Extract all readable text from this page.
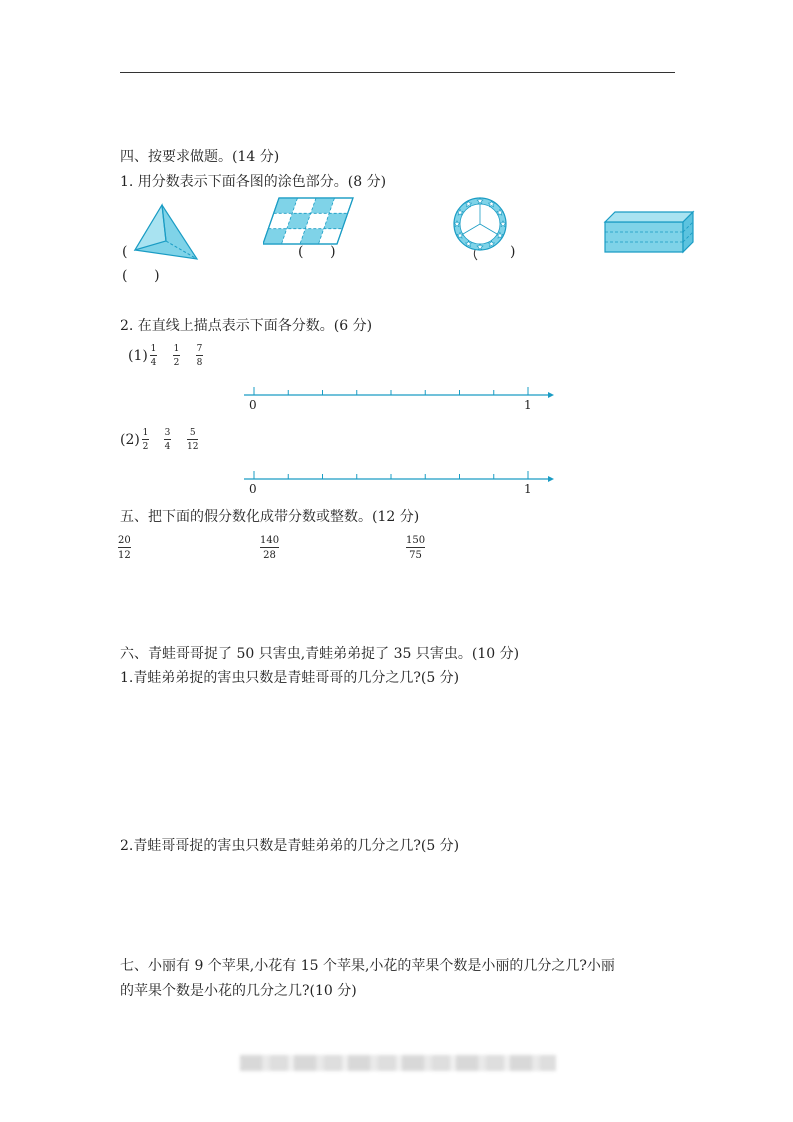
四、按要求做题。(14 分)
1. 用分数表示下面各图的涂色部分。(8 分)
(
(      )
(      )	)
2. 在直线上描点表示下面各分数。(6 分)
(1) 1
4
1
2
7
8
0	1
(2) 1
2
3
4
5
12
0	1
五、把下面的假分数化成带分数或整数。(12 分)
20
12
140
28
150
75
六、青蛙哥哥捉了 50 只害虫,青蛙弟弟捉了 35 只害虫。(10 分)
1.青蛙弟弟捉的害虫只数是青蛙哥哥的几分之几?(5 分)
2.青蛙哥哥捉的害虫只数是青蛙弟弟的几分之几?(5 分)
七、小丽有 9 个苹果,小花有 15 个苹果,小花的苹果个数是小丽的几分之几?小丽
的苹果个数是小花的几分之几?(10 分)
